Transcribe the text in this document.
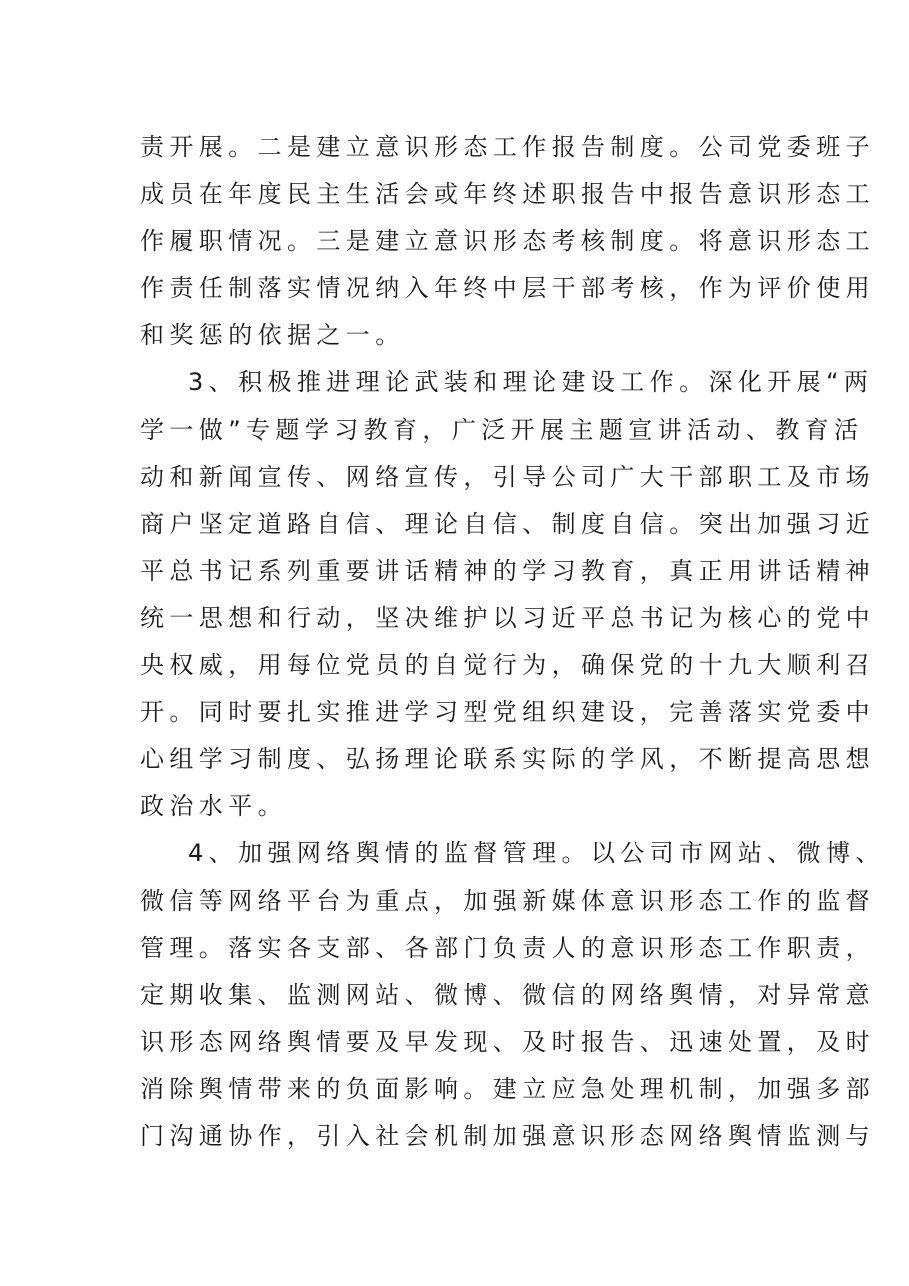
责开展。二是建立意识形态工作报告制度。公司党委班子
成员在年度民主生活会或年终述职报告中报告意识形态工
作履职情况。三是建立意识形态考核制度。将意识形态工
作责任制落实情况纳入年终中层干部考核，作为评价使用
和奖惩的依据之一。
3、积极推进理论武装和理论建设工作。深化开展“两
学一做”专题学习教育，广泛开展主题宣讲活动、教育活
动和新闻宣传、网络宣传，引导公司广大干部职工及市场
商户坚定道路自信、理论自信、制度自信。突出加强习近
平总书记系列重要讲话精神的学习教育，真正用讲话精神
统一思想和行动，坚决维护以习近平总书记为核心的党中
央权威，用每位党员的自觉行为，确保党的十九大顺利召
开。同时要扎实推进学习型党组织建设，完善落实党委中
心组学习制度、弘扬理论联系实际的学风，不断提高思想
政治水平。
4、加强网络舆情的监督管理。以公司市网站、微博、
微信等网络平台为重点，加强新媒体意识形态工作的监督
管理。落实各支部、各部门负责人的意识形态工作职责，
定期收集、监测网站、微博、微信的网络舆情，对异常意
识形态网络舆情要及早发现、及时报告、迅速处置，及时
消除舆情带来的负面影响。建立应急处理机制，加强多部
门沟通协作，引入社会机制加强意识形态网络舆情监测与
